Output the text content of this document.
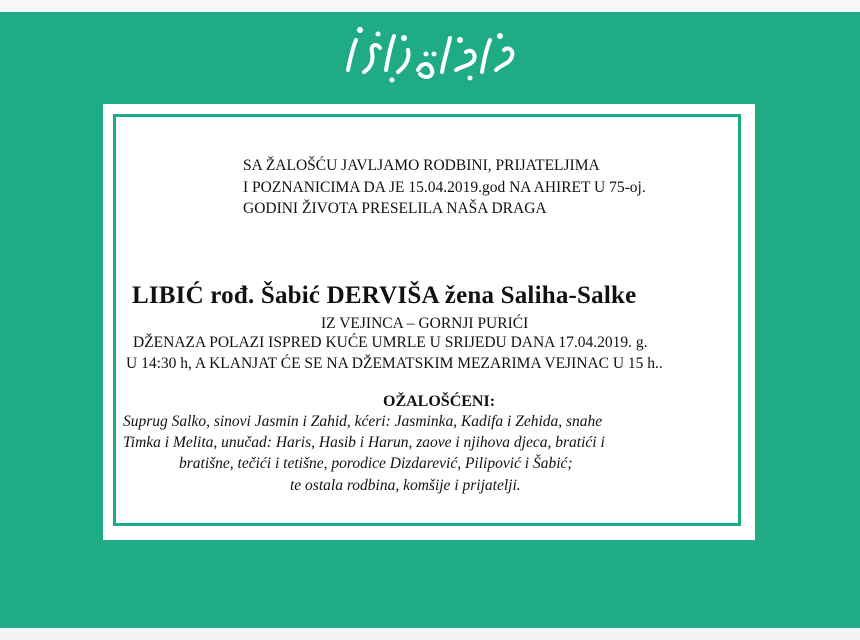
SA ŽALOŠĆU JAVLJAMO RODBINI, PRIJATELJIMA
I POZNANICIMA DA JE 15.04.2019.god NA AHIRET U 75-oj.
GODINI ŽIVOTA PRESELILA NAŠA DRAGA
LIBIĆ rođ. Šabić DERVIŠA žena Saliha-Salke
IZ VEJINCA – GORNJI PURIĆI
DŽENAZA POLAZI ISPRED KUĆE UMRLE U SRIJEDU DANA 17.04.2019. g.
U 14:30 h, A KLANJAT ĆE SE NA DŽEMATSKIM MEZARIMA VEJINAC U 15 h..
OŽALOŠĆENI:
Suprug Salko, sinovi Jasmin i Zahid, kćeri: Jasminka, Kadifa i Zehida, snahe
Timka i Melita, unučad: Haris, Hasib i Harun, zaove i njihova djeca, bratići i
bratišne, tečići i tetišne, porodice Dizdarević, Pilipović i Šabić;
te ostala rodbina, komšije i prijatelji.
